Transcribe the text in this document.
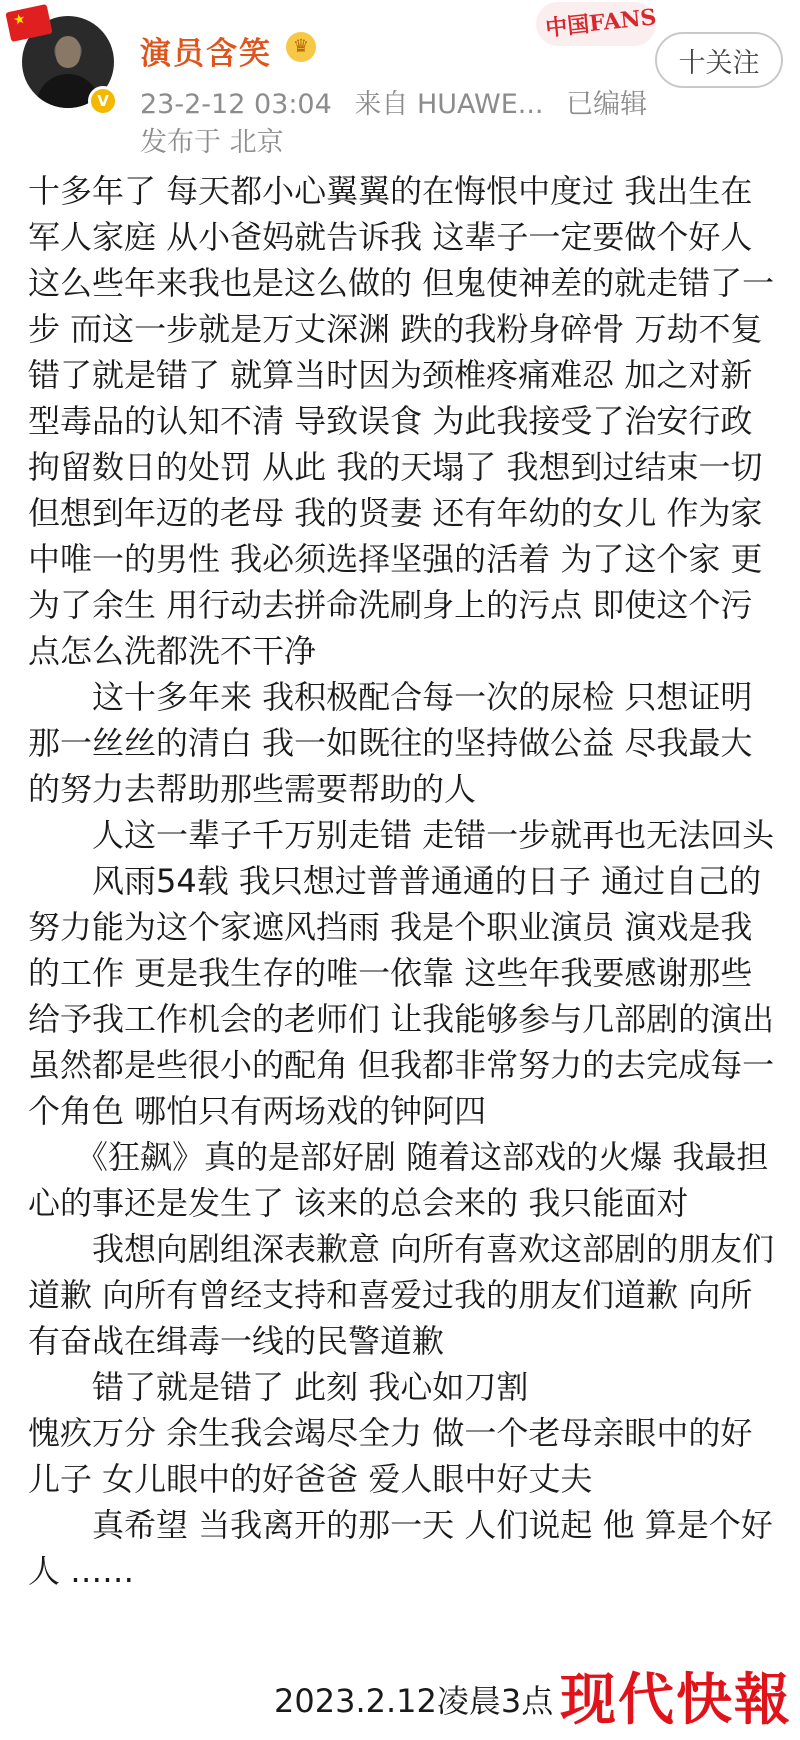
★
V
演员含笑	♛
23-2-12 03:04 来自 HUAWE... 已编辑
发布于 北京
中国FANS
十关注

十多年了 每天都小心翼翼的在悔恨中度过 我出生在军人家庭 从小爸妈就告诉我 这辈子一定要做个好人 这么些年来我也是这么做的 但鬼使神差的就走错了一步 而这一步就是万丈深渊 跌的我粉身碎骨 万劫不复 错了就是错了 就算当时因为颈椎疼痛难忍 加之对新型毒品的认知不清 导致误食 为此我接受了治安行政拘留数日的处罚 从此 我的天塌了 我想到过结束一切 但想到年迈的老母 我的贤妻 还有年幼的女儿 作为家中唯一的男性 我必须选择坚强的活着 为了这个家 更为了余生 用行动去拼命洗刷身上的污点 即使这个污点怎么洗都洗不干净

　　这十多年来 我积极配合每一次的尿检 只想证明那一丝丝的清白 我一如既往的坚持做公益 尽我最大的努力去帮助那些需要帮助的人

　　人这一辈子千万别走错 走错一步就再也无法回头

　　风雨54载 我只想过普普通通的日子 通过自己的努力能为这个家遮风挡雨 我是个职业演员 演戏是我的工作 更是我生存的唯一依靠 这些年我要感谢那些给予我工作机会的老师们 让我能够参与几部剧的演出 虽然都是些很小的配角 但我都非常努力的去完成每一个角色 哪怕只有两场戏的钟阿四

　　《狂飙》真的是部好剧 随着这部戏的火爆 我最担心的事还是发生了 该来的总会来的 我只能面对

　　我想向剧组深表歉意 向所有喜欢这部剧的朋友们道歉 向所有曾经支持和喜爱过我的朋友们道歉 向所有奋战在缉毒一线的民警道歉

　　错了就是错了 此刻 我心如刀割

愧疚万分 余生我会竭尽全力 做一个老母亲眼中的好儿子 女儿眼中的好爸爸 爱人眼中好丈夫

　　真希望 当我离开的那一天 人们说起 他 算是个好人 ……

2023.2.12凌晨3点 现代快報
